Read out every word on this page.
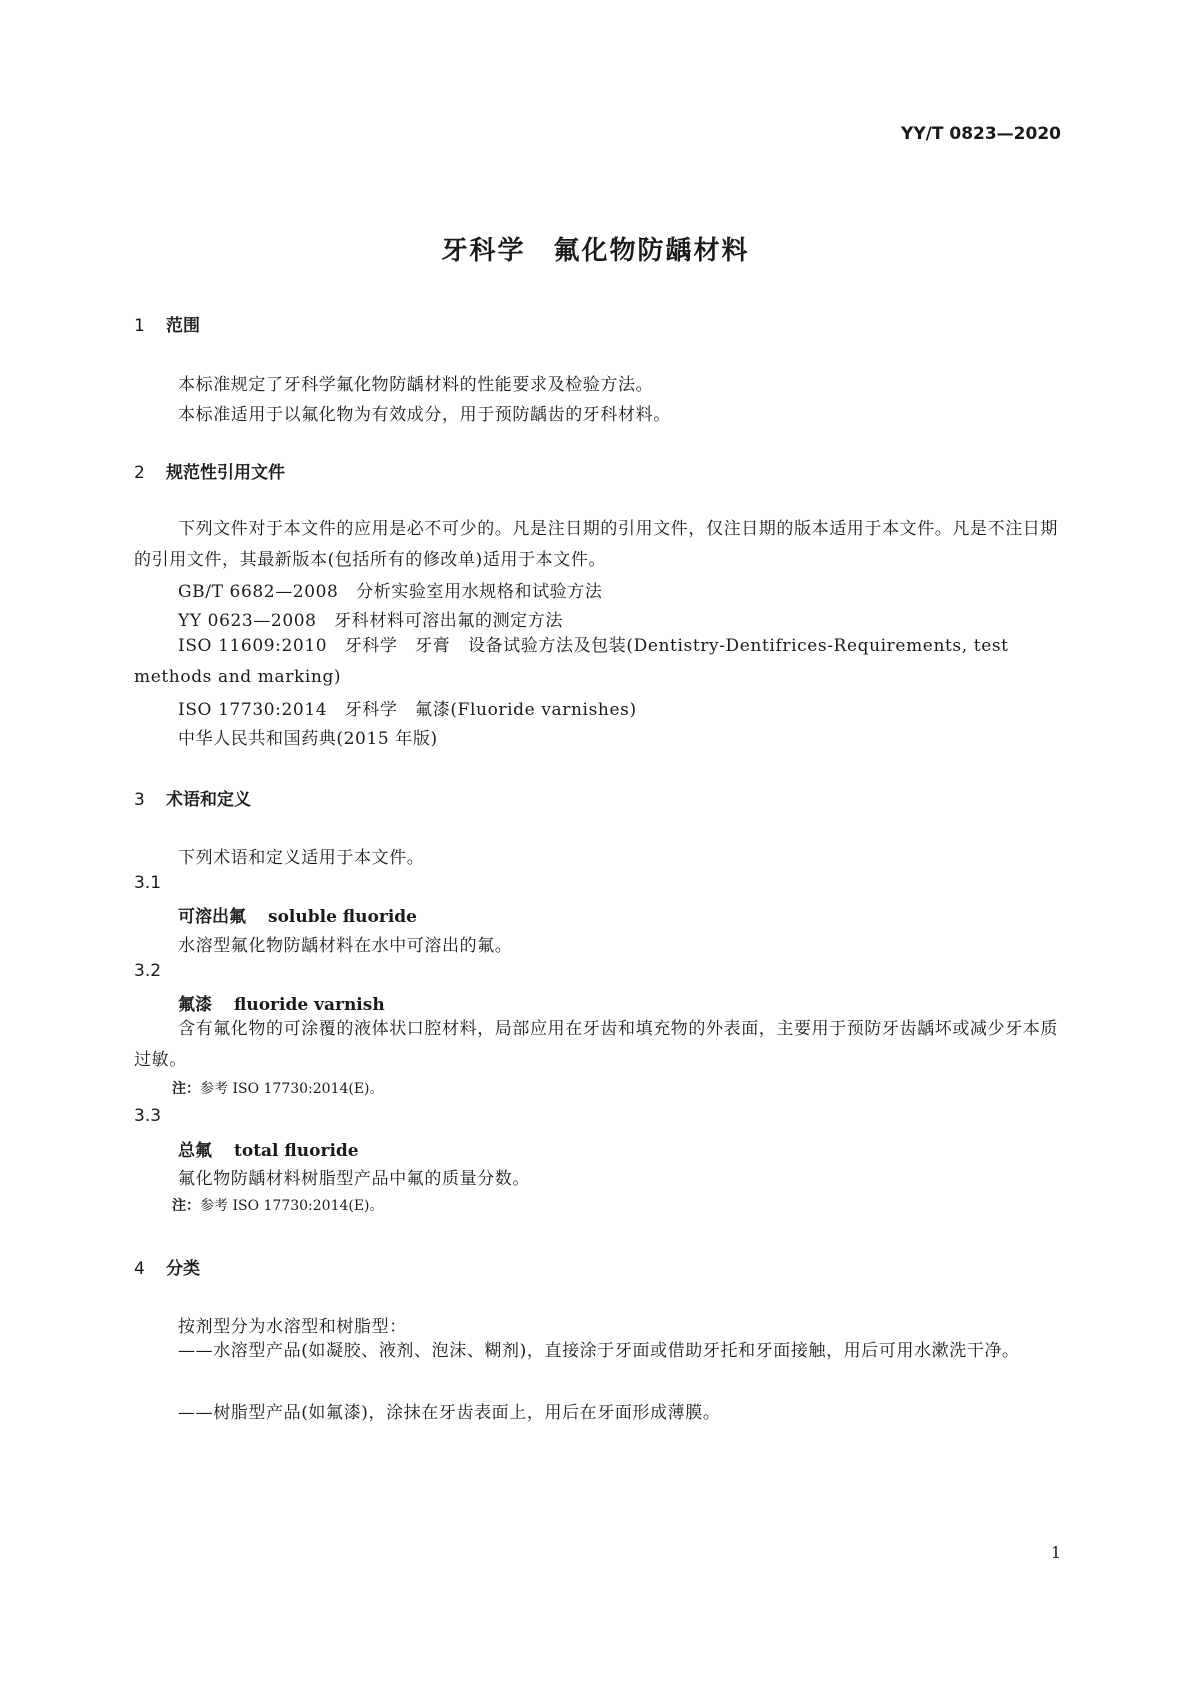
YY/T 0823—2020
牙科学　氟化物防龋材料
1 范围
本标准规定了牙科学氟化物防龋材料的性能要求及检验方法。
本标准适用于以氟化物为有效成分，用于预防龋齿的牙科材料。
2 规范性引用文件
下列文件对于本文件的应用是必不可少的。凡是注日期的引用文件，仅注日期的版本适用于本文件。凡是不注日期的引用文件，其最新版本(包括所有的修改单)适用于本文件。
GB/T 6682—2008　分析实验室用水规格和试验方法
YY 0623—2008　牙科材料可溶出氟的测定方法
ISO 11609:2010　牙科学　牙膏　设备试验方法及包装(Dentistry-Dentifrices-Requirements, test methods and marking)
ISO 17730:2014　牙科学　氟漆(Fluoride varnishes)
中华人民共和国药典(2015 年版)
3 术语和定义
下列术语和定义适用于本文件。
3.1
可溶出氟 soluble fluoride
水溶型氟化物防龋材料在水中可溶出的氟。
3.2
氟漆 fluoride varnish
含有氟化物的可涂覆的液体状口腔材料，局部应用在牙齿和填充物的外表面，主要用于预防牙齿龋坏或减少牙本质过敏。
注：参考 ISO 17730:2014(E)。
3.3
总氟 total fluoride
氟化物防龋材料树脂型产品中氟的质量分数。
注：参考 ISO 17730:2014(E)。
4 分类
按剂型分为水溶型和树脂型：
——水溶型产品(如凝胶、液剂、泡沫、糊剂)，直接涂于牙面或借助牙托和牙面接触，用后可用水漱洗干净。
——树脂型产品(如氟漆)，涂抹在牙齿表面上，用后在牙面形成薄膜。
1
